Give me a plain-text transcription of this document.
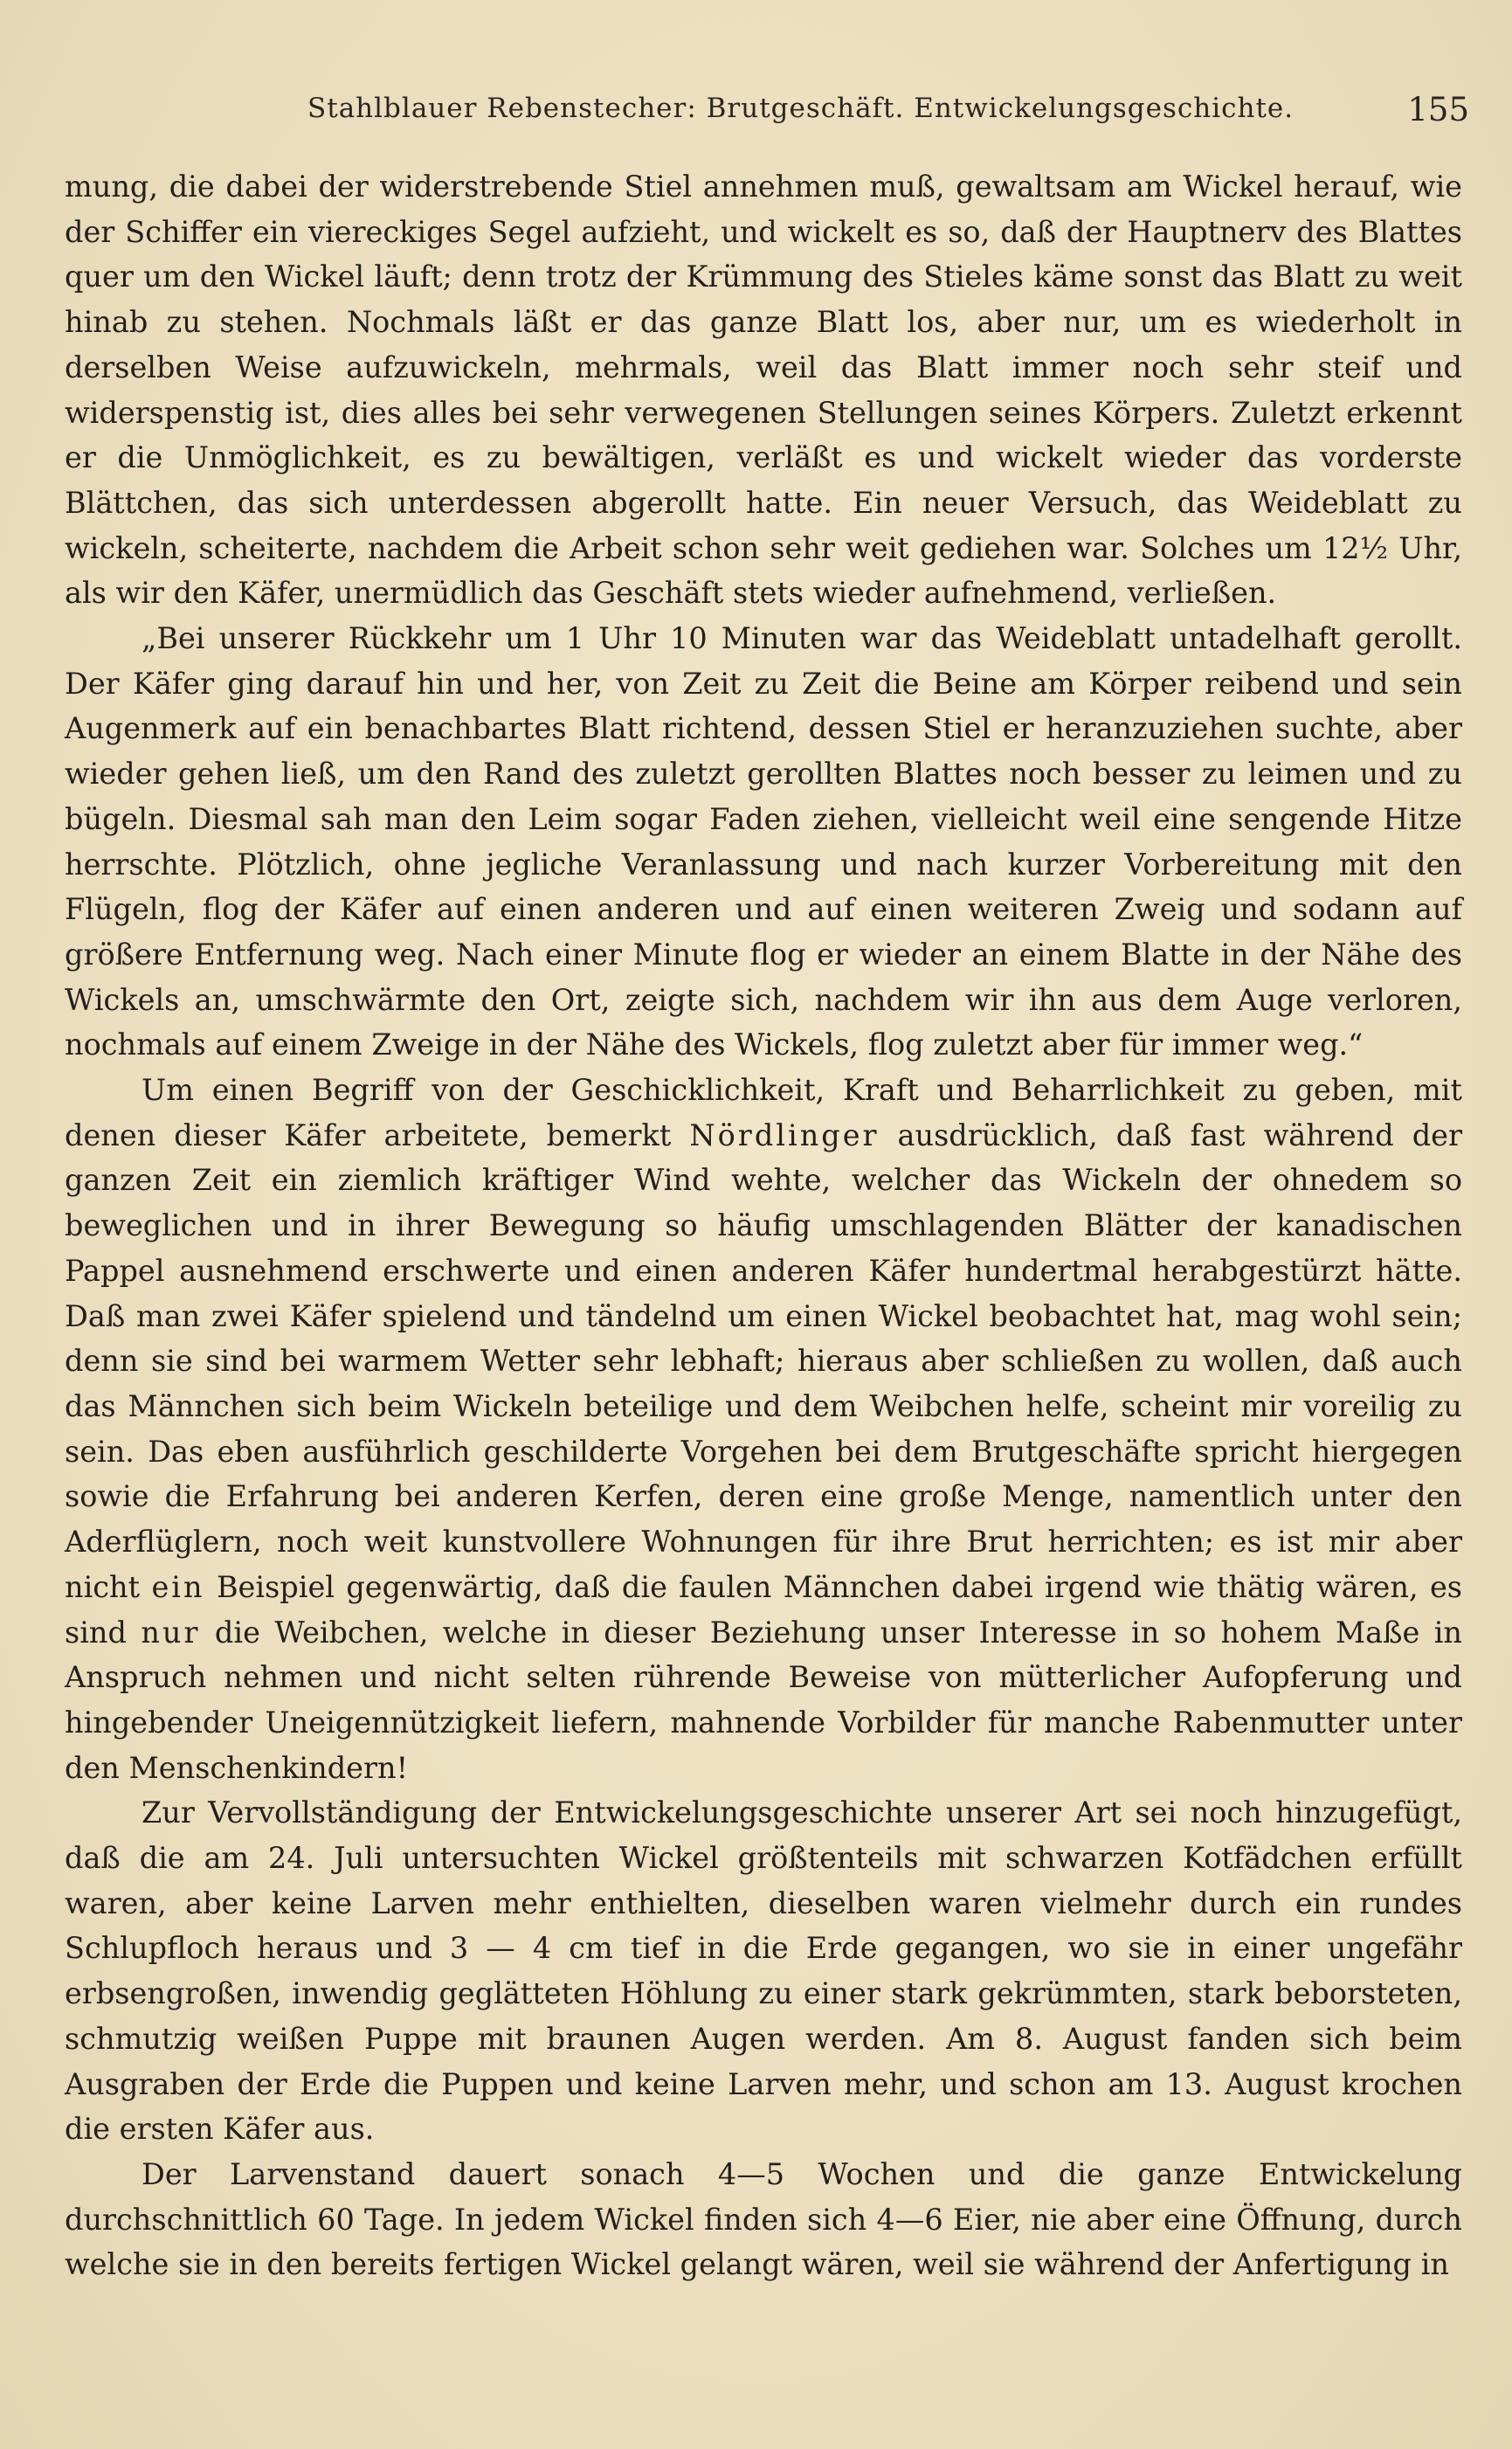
Stahlblauer Rebenstecher: Brutgeschäft. Entwickelungsgeschichte.	155

mung, die dabei der widerstrebende Stiel annehmen muß, gewaltsam am Wickel herauf, wie der Schiffer ein viereckiges Segel aufzieht, und wickelt es so, daß der Hauptnerv des Blattes quer um den Wickel läuft; denn trotz der Krümmung des Stieles käme sonst das Blatt zu weit hinab zu stehen. Nochmals läßt er das ganze Blatt los, aber nur, um es wiederholt in derselben Weise aufzuwickeln, mehrmals, weil das Blatt immer noch sehr steif und widerspenstig ist, dies alles bei sehr verwegenen Stellungen seines Körpers. Zuletzt erkennt er die Unmöglichkeit, es zu bewältigen, verläßt es und wickelt wieder das vorderste Blättchen, das sich unterdessen abgerollt hatte. Ein neuer Versuch, das Weideblatt zu wickeln, scheiterte, nachdem die Arbeit schon sehr weit gediehen war. Solches um 12½ Uhr, als wir den Käfer, unermüdlich das Geschäft stets wieder aufnehmend, verließen.

„Bei unserer Rückkehr um 1 Uhr 10 Minuten war das Weideblatt untadelhaft gerollt. Der Käfer ging darauf hin und her, von Zeit zu Zeit die Beine am Körper reibend und sein Augenmerk auf ein benachbartes Blatt richtend, dessen Stiel er heranzuziehen suchte, aber wieder gehen ließ, um den Rand des zuletzt gerollten Blattes noch besser zu leimen und zu bügeln. Diesmal sah man den Leim sogar Faden ziehen, vielleicht weil eine sengende Hitze herrschte. Plötzlich, ohne jegliche Veranlassung und nach kurzer Vorbereitung mit den Flügeln, flog der Käfer auf einen anderen und auf einen weiteren Zweig und sodann auf größere Entfernung weg. Nach einer Minute flog er wieder an einem Blatte in der Nähe des Wickels an, umschwärmte den Ort, zeigte sich, nachdem wir ihn aus dem Auge verloren, nochmals auf einem Zweige in der Nähe des Wickels, flog zuletzt aber für immer weg.“

Um einen Begriff von der Geschicklichkeit, Kraft und Beharrlichkeit zu geben, mit denen dieser Käfer arbeitete, bemerkt Nördlinger ausdrücklich, daß fast während der ganzen Zeit ein ziemlich kräftiger Wind wehte, welcher das Wickeln der ohnedem so beweglichen und in ihrer Bewegung so häufig umschlagenden Blätter der kanadischen Pappel ausnehmend erschwerte und einen anderen Käfer hundertmal herabgestürzt hätte. Daß man zwei Käfer spielend und tändelnd um einen Wickel beobachtet hat, mag wohl sein; denn sie sind bei warmem Wetter sehr lebhaft; hieraus aber schließen zu wollen, daß auch das Männchen sich beim Wickeln beteilige und dem Weibchen helfe, scheint mir voreilig zu sein. Das eben ausführlich geschilderte Vorgehen bei dem Brutgeschäfte spricht hiergegen sowie die Erfahrung bei anderen Kerfen, deren eine große Menge, namentlich unter den Aderflüglern, noch weit kunstvollere Wohnungen für ihre Brut herrichten; es ist mir aber nicht ein Beispiel gegenwärtig, daß die faulen Männchen dabei irgend wie thätig wären, es sind nur die Weibchen, welche in dieser Beziehung unser Interesse in so hohem Maße in Anspruch nehmen und nicht selten rührende Beweise von mütterlicher Aufopferung und hingebender Uneigennützigkeit liefern, mahnende Vorbilder für manche Rabenmutter unter den Menschenkindern!

Zur Vervollständigung der Entwickelungsgeschichte unserer Art sei noch hinzugefügt, daß die am 24. Juli untersuchten Wickel größtenteils mit schwarzen Kotfädchen erfüllt waren, aber keine Larven mehr enthielten, dieselben waren vielmehr durch ein rundes Schlupfloch heraus und 3 — 4 cm tief in die Erde gegangen, wo sie in einer ungefähr erbsengroßen, inwendig geglätteten Höhlung zu einer stark gekrümmten, stark beborsteten, schmutzig weißen Puppe mit braunen Augen werden. Am 8. August fanden sich beim Ausgraben der Erde die Puppen und keine Larven mehr, und schon am 13. August krochen die ersten Käfer aus.

Der Larvenstand dauert sonach 4—5 Wochen und die ganze Entwickelung durchschnittlich 60 Tage. In jedem Wickel finden sich 4—6 Eier, nie aber eine Öffnung, durch welche sie in den bereits fertigen Wickel gelangt wären, weil sie während der Anfertigung in
